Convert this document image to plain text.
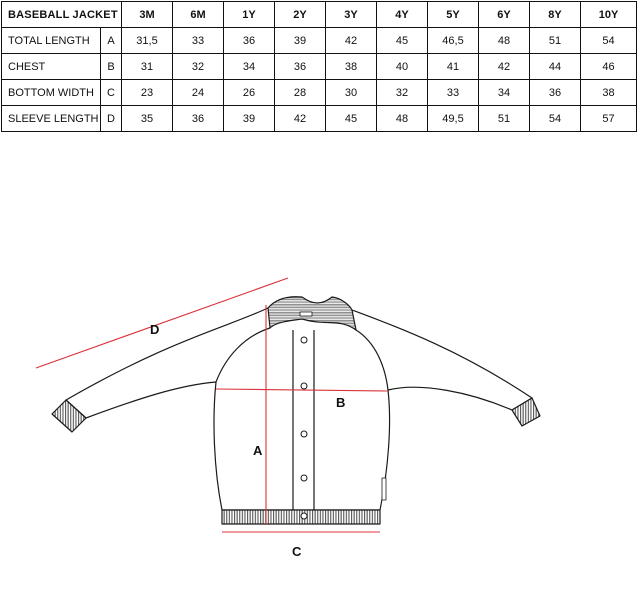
BASEBALL JACKET		3M	6M	1Y	2Y	3Y	4Y	5Y	6Y	8Y	10Y
TOTAL LENGTH	A	31,5	33	36	39	42	45	46,5	48	51	54
CHEST	B	31	32	34	36	38	40	41	42	44	46
BOTTOM WIDTH	C	23	24	26	28	30	32	33	34	36	38
SLEEVE LENGTH	D	35	36	39	42	45	48	49,5	51	54	57
A
B
C
D
